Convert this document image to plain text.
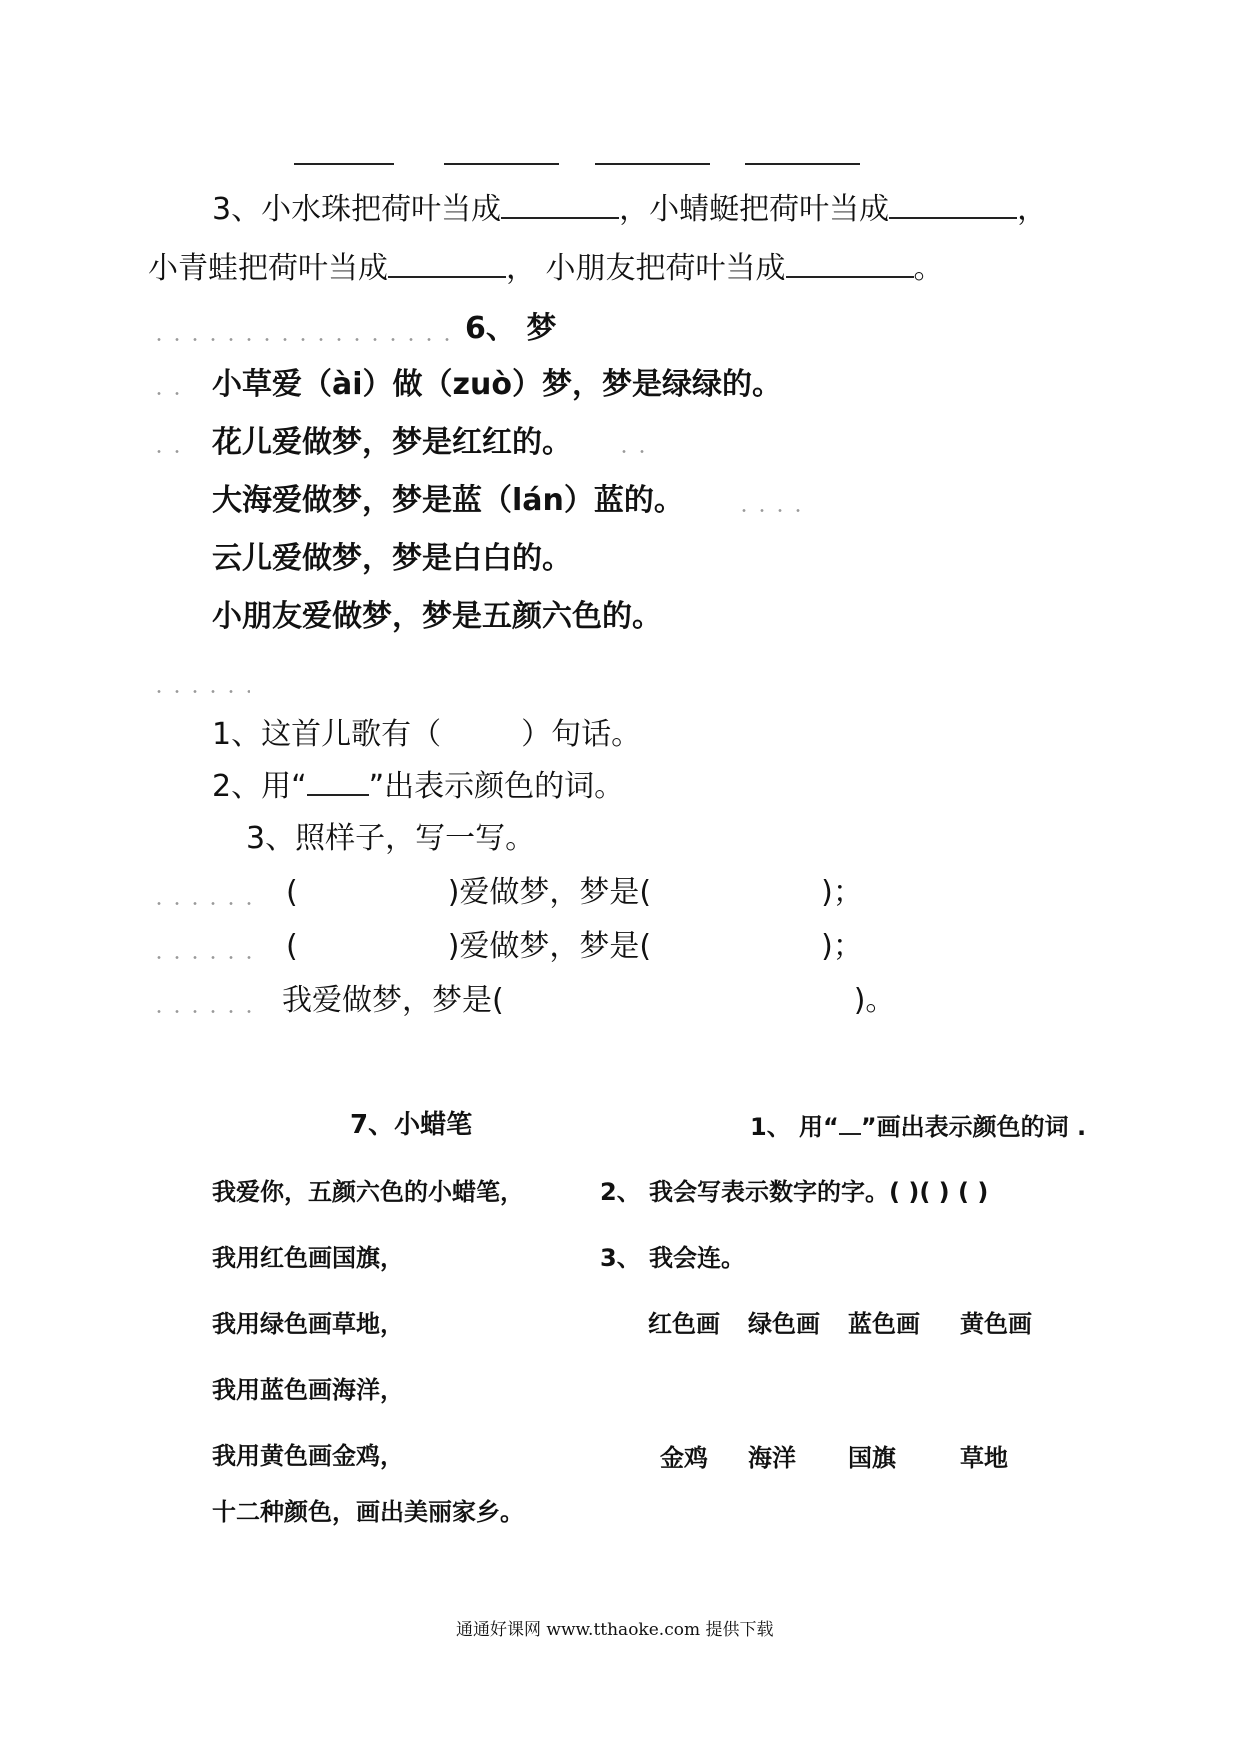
3、小水珠把荷叶当成	，小蜻蜓把荷叶当成	，
小青蛙把荷叶当成	， 小朋友把荷叶当成	。
6、 梦
小草爱（ài）做（zuò）梦，梦是绿绿的。
花儿爱做梦，梦是红红的。
大海爱做梦，梦是蓝（lán）蓝的。
云儿爱做梦，梦是白白的。
小朋友爱做梦，梦是五颜六色的。
1、这首儿歌有（	）句话。
2、用“ ”出表示颜色的词。
3、照样子，写一写。
(	)爱做梦，梦是(	)；
(	)爱做梦，梦是(	)；
我爱做梦，梦是(	)。
7、小蜡笔
我爱你，五颜六色的小蜡笔，
我用红色画国旗，
我用绿色画草地，
我用蓝色画海洋，
我用黄色画金鸡，
十二种颜色，画出美丽家乡。
1、 用“ ”画出表示颜色的词 .
2、 我会写表示数字的字。( )( ) ( )
3、 我会连。
红色画 绿色画 蓝色画 黄色画
金鸡 海洋 国旗	草地
通通好课网 www.tthaoke.com 提供下载
